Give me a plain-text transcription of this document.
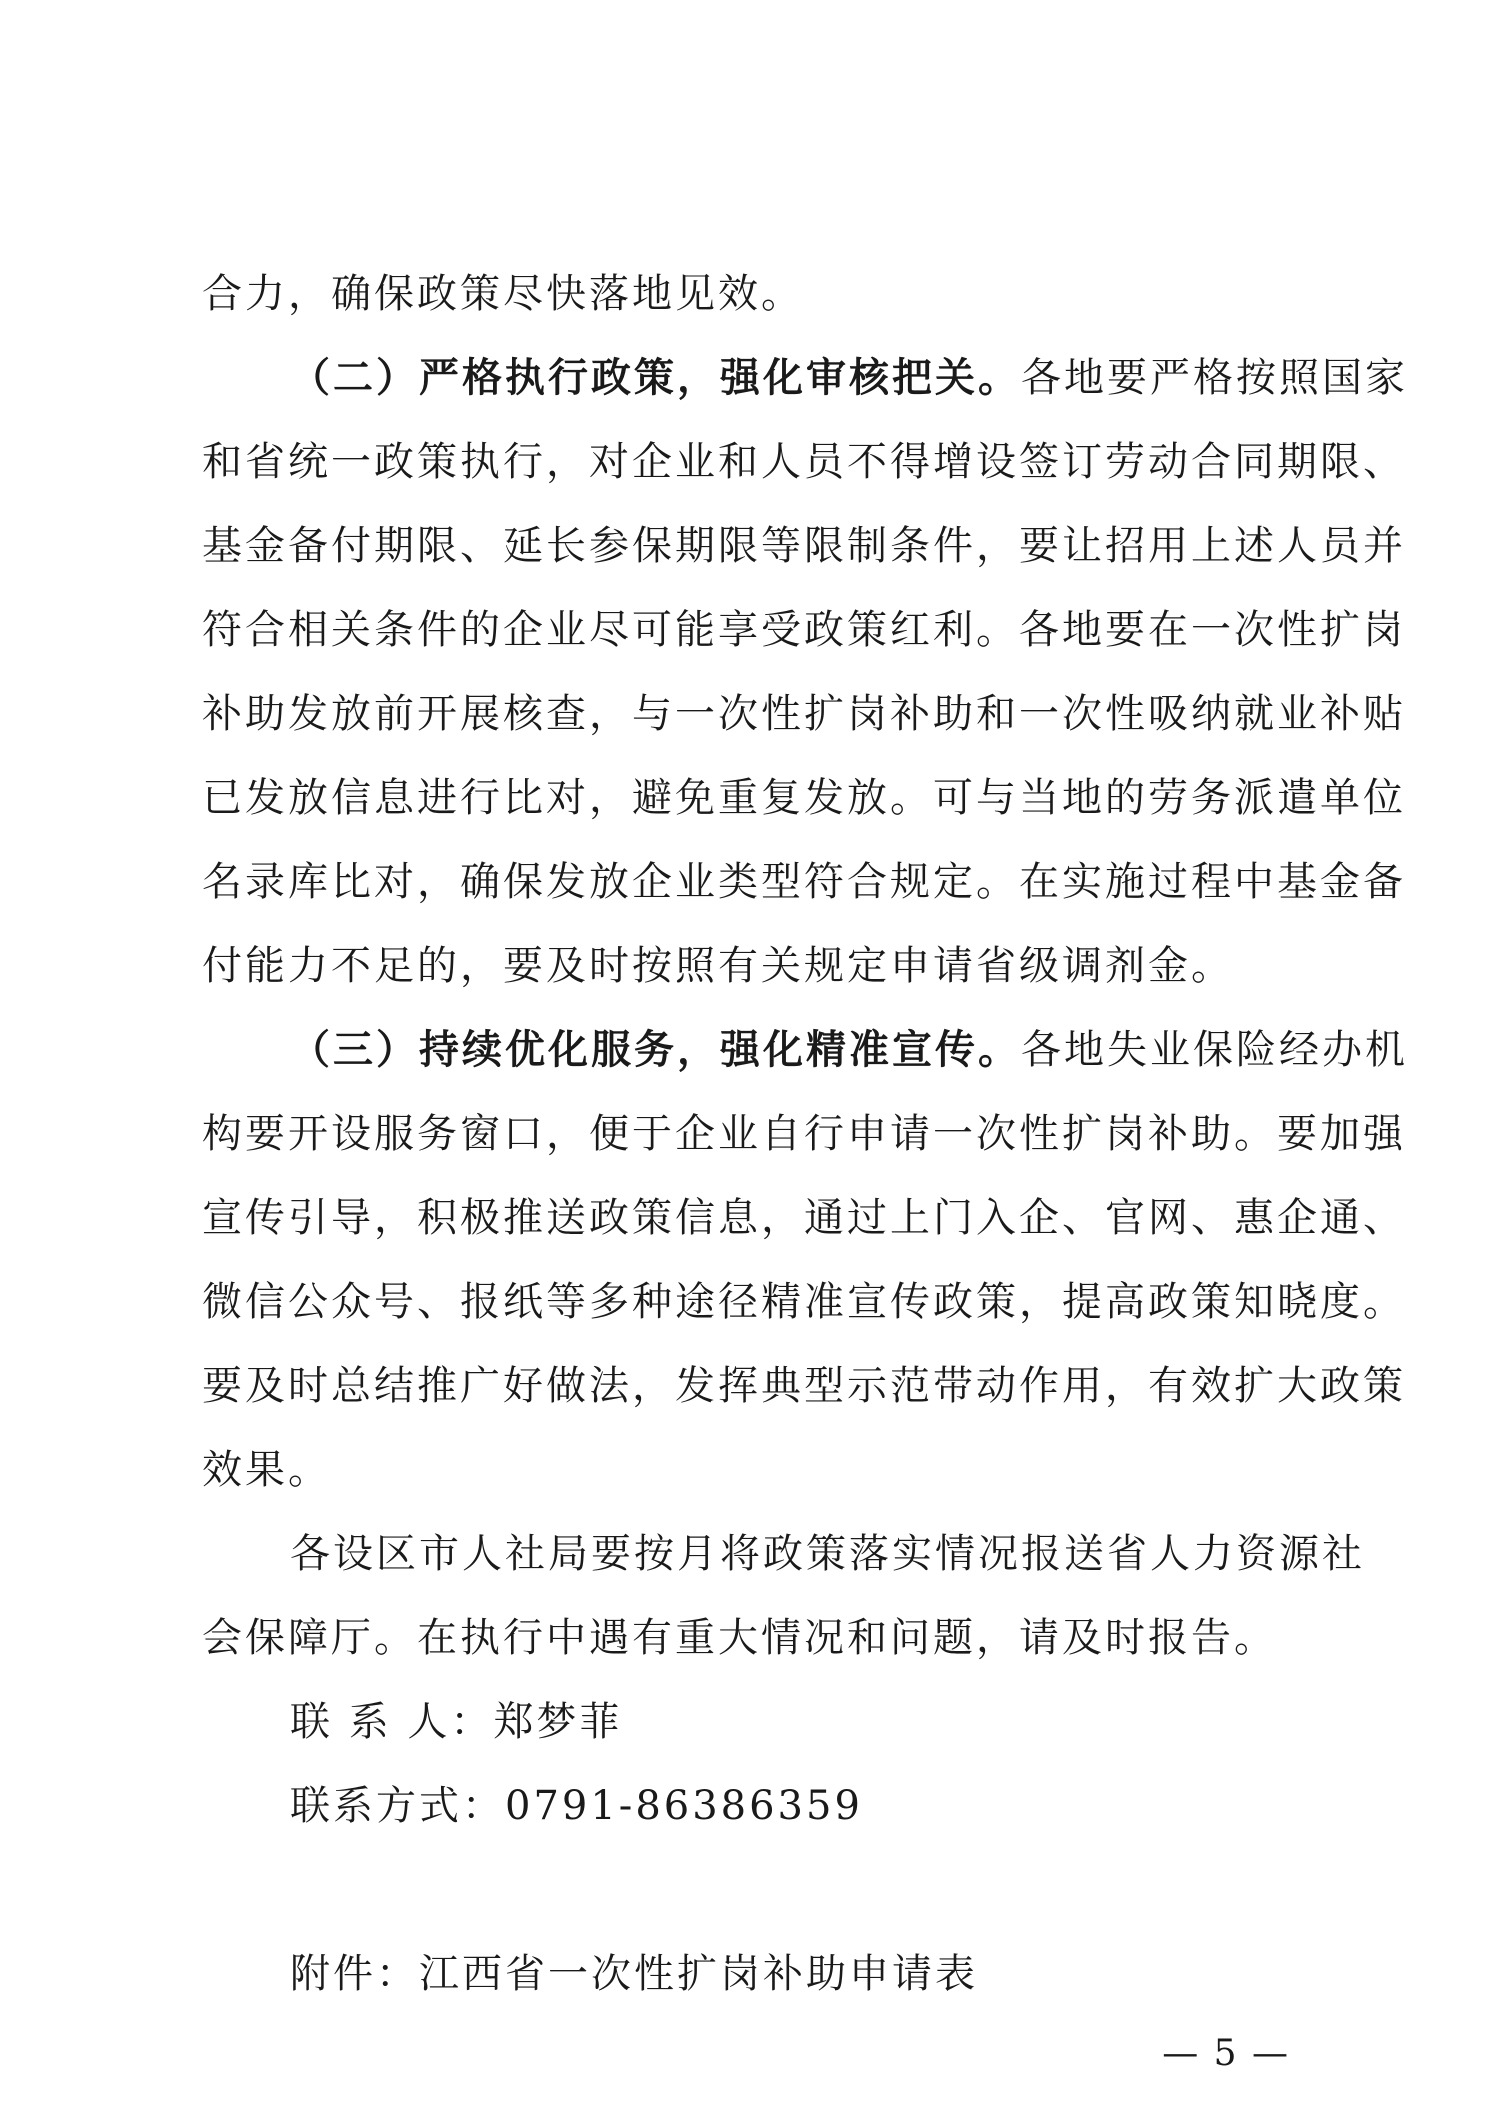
合力，确保政策尽快落地见效。
（二）严格执行政策，强化审核把关。各地要严格按照国家
和省统一政策执行，对企业和人员不得增设签订劳动合同期限、
基金备付期限、延长参保期限等限制条件，要让招用上述人员并
符合相关条件的企业尽可能享受政策红利。各地要在一次性扩岗
补助发放前开展核查，与一次性扩岗补助和一次性吸纳就业补贴
已发放信息进行比对，避免重复发放。可与当地的劳务派遣单位
名录库比对，确保发放企业类型符合规定。在实施过程中基金备
付能力不足的，要及时按照有关规定申请省级调剂金。
（三）持续优化服务，强化精准宣传。各地失业保险经办机
构要开设服务窗口，便于企业自行申请一次性扩岗补助。要加强
宣传引导，积极推送政策信息，通过上门入企、官网、惠企通、
微信公众号、报纸等多种途径精准宣传政策，提高政策知晓度。
要及时总结推广好做法，发挥典型示范带动作用，有效扩大政策
效果。
各设区市人社局要按月将政策落实情况报送省人力资源社
会保障厅。在执行中遇有重大情况和问题，请及时报告。
联 系 人：郑梦菲
联系方式：0791-86386359
附件：江西省一次性扩岗补助申请表
— 5 —
